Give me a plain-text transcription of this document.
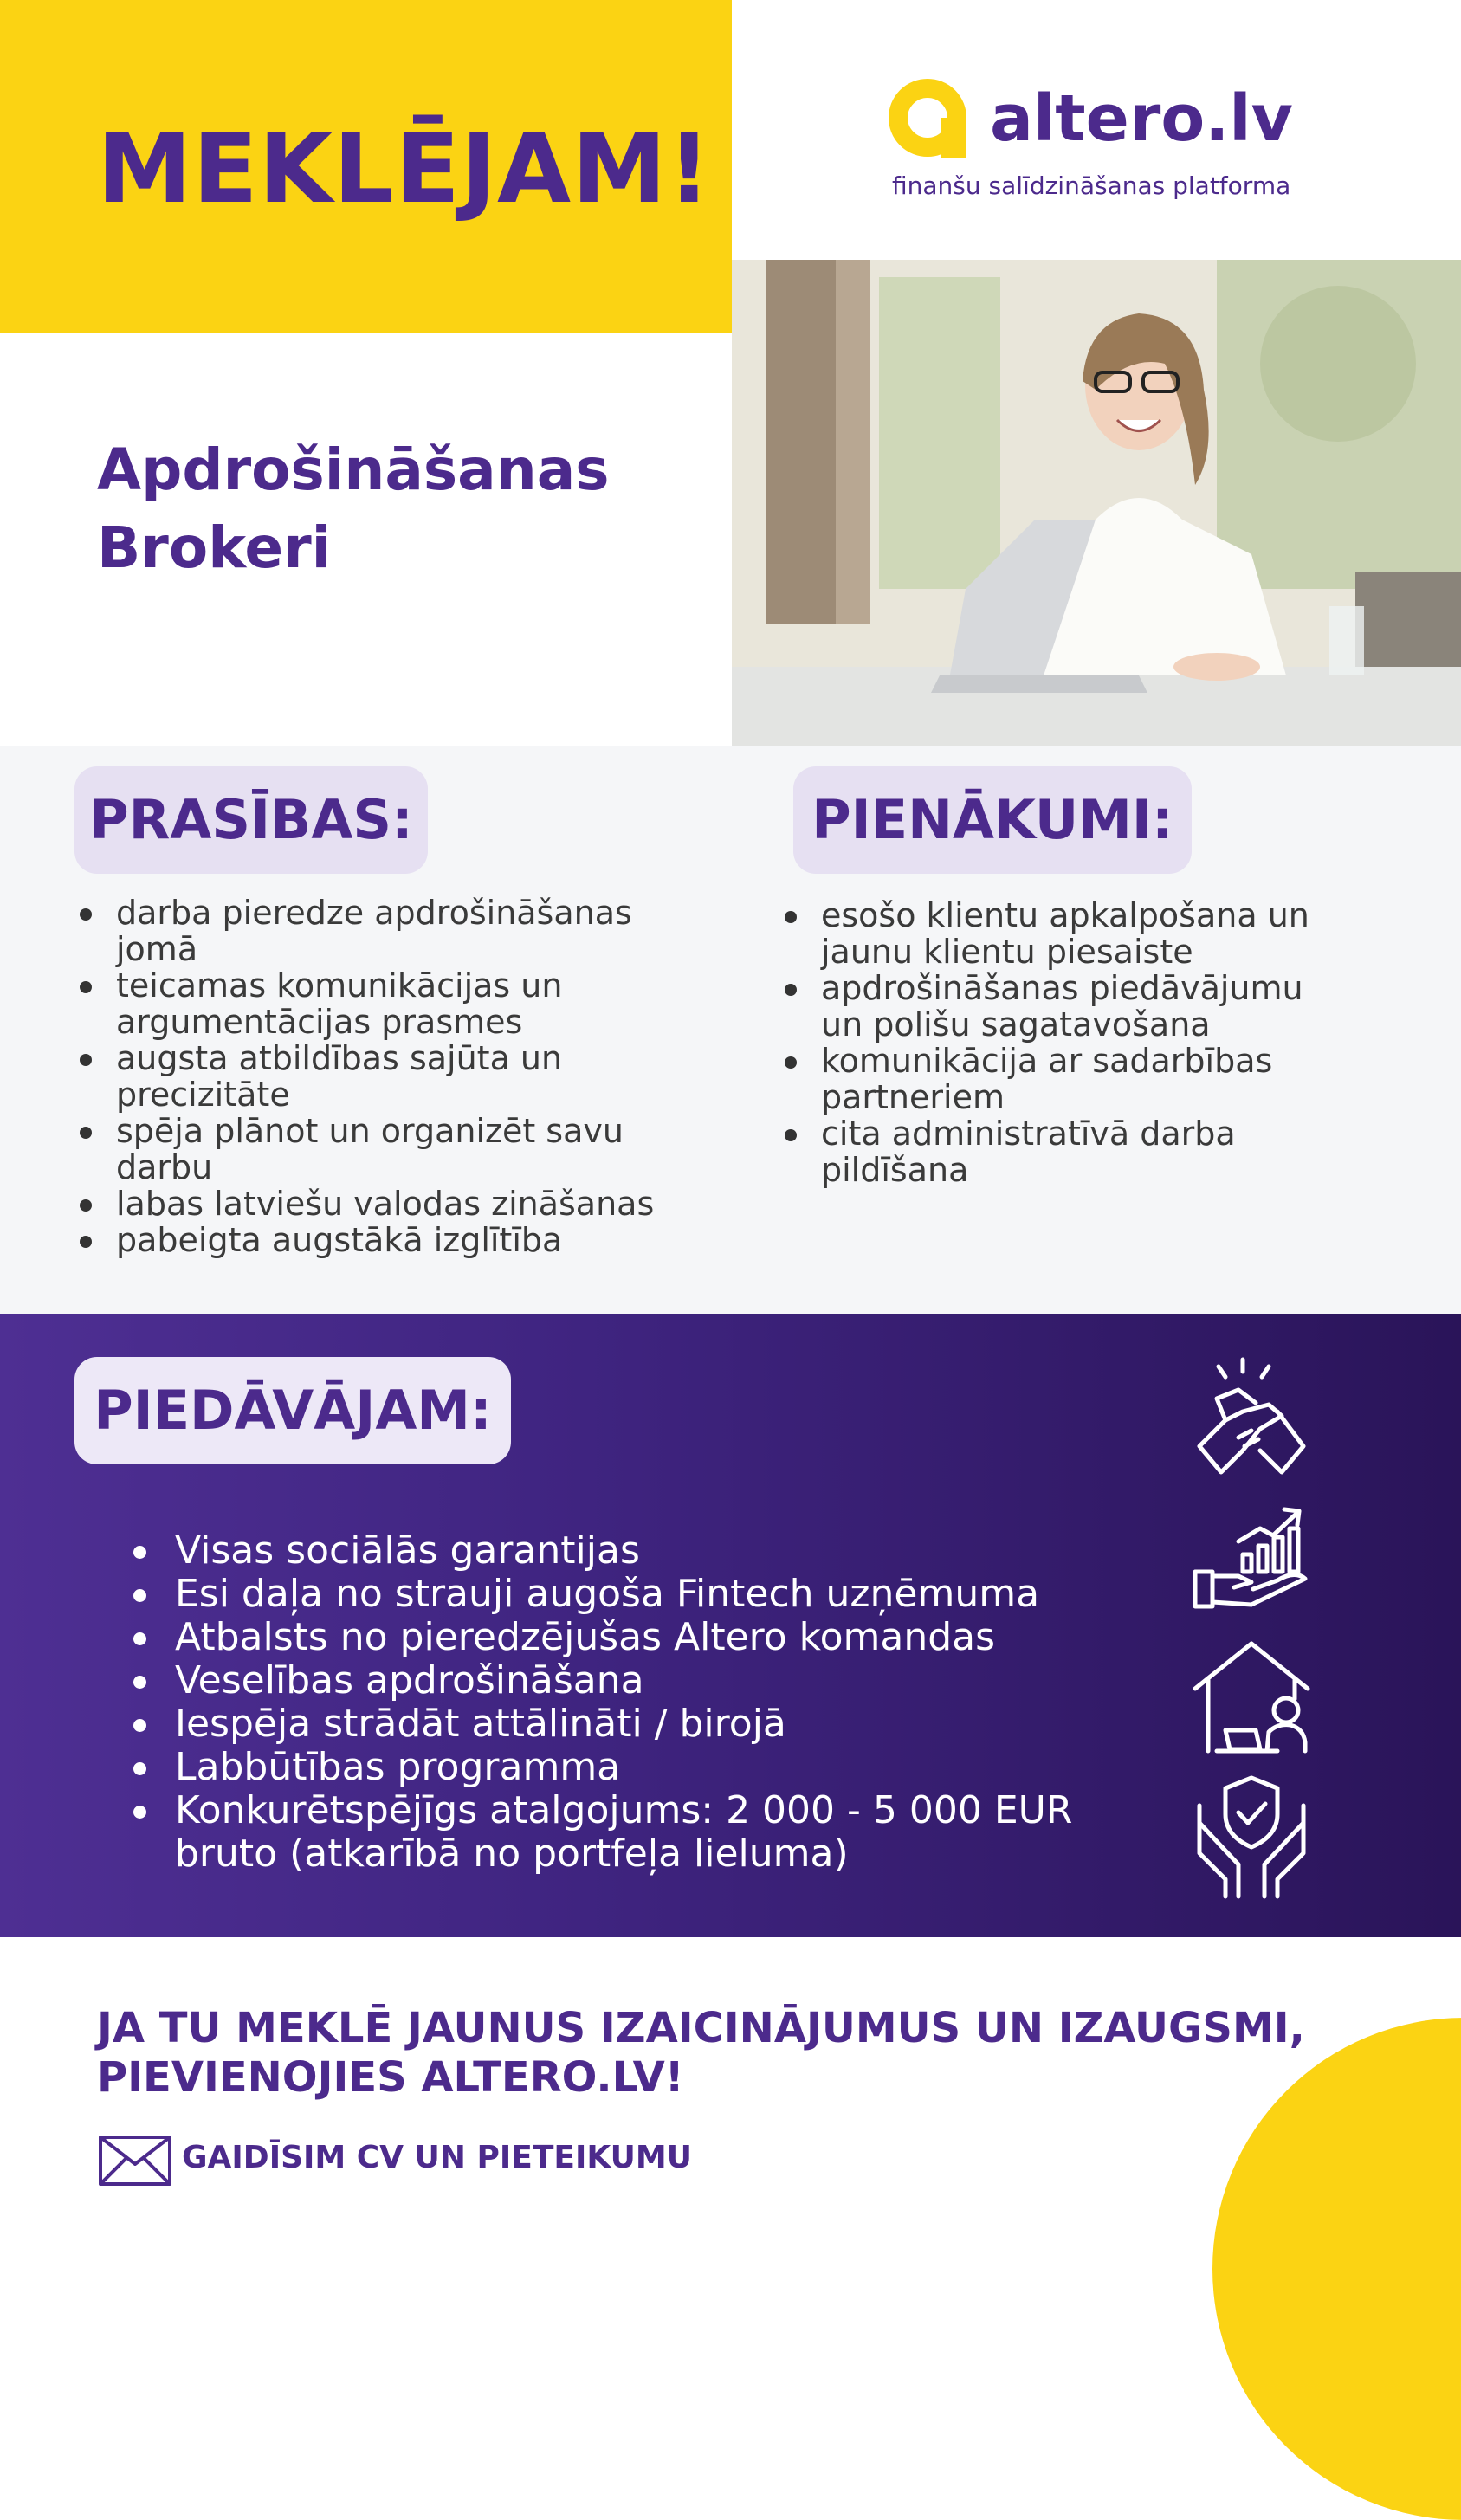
MEKLĒJAM!	altero.lv
finanšu salīdzināšanas platforma
Apdrošināšanas
Brokeri
PRASĪBAS:	PIENĀKUMI:
darba pieredze apdrošināšanas
jomā
teicamas komunikācijas un
argumentācijas prasmes
augsta atbildības sajūta un
precizitāte
spēja plānot un organizēt savu
darbu
labas latviešu valodas zināšanas
pabeigta augstākā izglītība
esošo klientu apkalpošana un
jaunu klientu piesaiste
apdrošināšanas piedāvājumu
un polišu sagatavošana
komunikācija ar sadarbības
partneriem
cita administratīvā darba
pildīšana
PIEDĀVĀJAM:
Visas sociālās garantijas
Esi daļa no strauji augoša Fintech uzņēmuma
Atbalsts no pieredzējušas Altero komandas
Veselības apdrošināšana
Iespēja strādāt attālināti / birojā
Labbūtības programma
Konkurētspējīgs atalgojums: 2 000 - 5 000 EUR
bruto (atkarībā no portfeļa lieluma)
JA TU MEKLĒ JAUNUS IZAICINĀJUMUS UN IZAUGSMI,
PIEVIENOJIES ALTERO.LV!
GAIDĪSIM CV UN PIETEIKUMU
